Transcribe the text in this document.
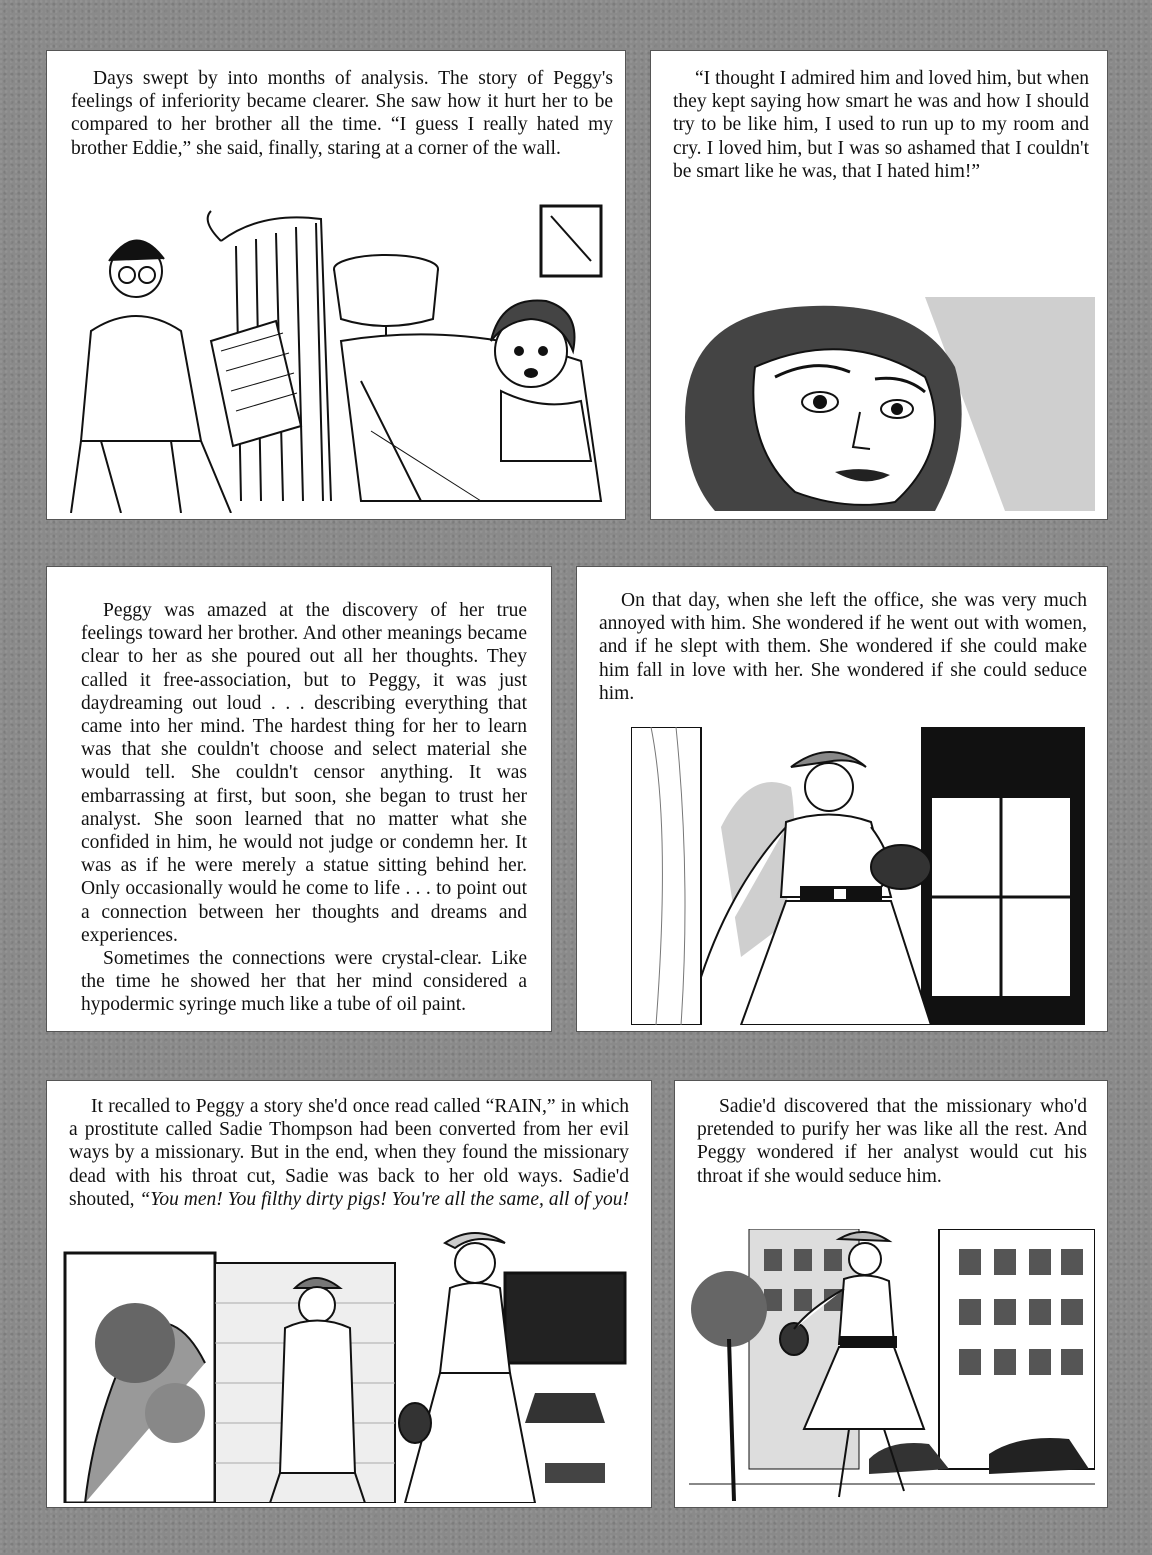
Days swept by into months of analysis. The story of Peggy's feelings of inferiority became clearer. She saw how it hurt her to be compared to her brother all the time. “I guess I really hated my brother Eddie,” she said, finally, staring at a corner of the wall.

“I thought I admired him and loved him, but when they kept saying how smart he was and how I should try to be like him, I used to run up to my room and cry. I loved him, but I was so ashamed that I couldn't be smart like he was, that I hated him!”

Peggy was amazed at the discovery of her true feelings toward her brother. And other meanings became clear to her as she poured out all her thoughts. They called it free-association, but to Peggy, it was just daydreaming out loud . . . describing everything that came into her mind. The hardest thing for her to learn was that she couldn't choose and select material she would tell. She couldn't censor anything. It was embarrassing at first, but soon, she began to trust her analyst. She soon learned that no matter what she confided in him, he would not judge or condemn her. It was as if he were merely a statue sitting behind her. Only occasionally would he come to life . . . to point out a connection between her thoughts and dreams and experiences.

Sometimes the connections were crystal-clear. Like the time he showed her that her mind considered a hypodermic syringe much like a tube of oil paint.

On that day, when she left the office, she was very much annoyed with him. She wondered if he went out with women, and if he slept with them. She wondered if she could make him fall in love with her. She wondered if she could seduce him.

It recalled to Peggy a story she'd once read called “RAIN,” in which a prostitute called Sadie Thompson had been converted from her evil ways by a missionary. But in the end, when they found the missionary dead with his throat cut, Sadie was back to her old ways. Sadie'd shouted, “You men! You filthy dirty pigs! You're all the same, all of you!

Sadie'd discovered that the missionary who'd pretended to purify her was like all the rest. And Peggy wondered if her analyst would cut his throat if she would seduce him.
